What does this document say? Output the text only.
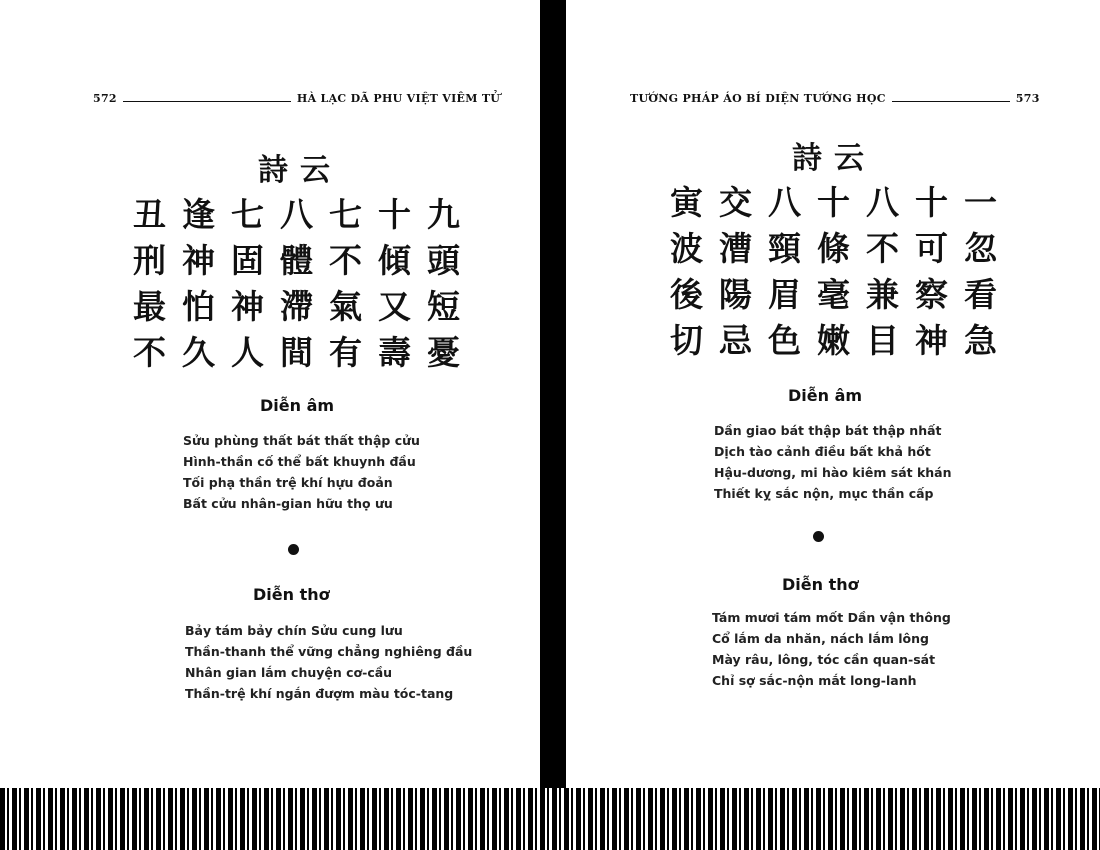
572	HÀ LẠC DÃ PHU VIỆT VIÊM TỬ
詩云
丑逢七八七十九
刑神固體不傾頭
最怕神滯氣又短
不久人間有壽憂
Diễn âm
Sửu phùng thất bát thất thập cửu
Hình-thần cố thể bất khuynh đầu
Tối phạ thần trệ khí hựu đoản
Bất cửu nhân-gian hữu thọ ưu
Diễn thơ
Bảy tám bảy chín Sửu cung lưu
Thần-thanh thể vững chẳng nghiêng đầu
Nhân gian lắm chuyện cơ-cầu
Thần-trệ khí ngắn đượm màu tóc-tang
TƯỚNG PHÁP ÁO BÍ DIỆN TƯỚNG HỌC	573
詩云
寅交八十八十一
波漕頸條不可忽
後陽眉毫兼察看
切忌色嫩目神急
Diễn âm
Dần giao bát thập bát thập nhất
Dịch tào cảnh điều bất khả hốt
Hậu-dương, mi hào kiêm sát khán
Thiết kỵ sắc nộn, mục thần cấp
Diễn thơ
Tám mươi tám mốt Dần vận thông
Cổ lắm da nhăn, nách lắm lông
Mày râu, lông, tóc cần quan-sát
Chỉ sợ sắc-nộn mắt long-lanh
